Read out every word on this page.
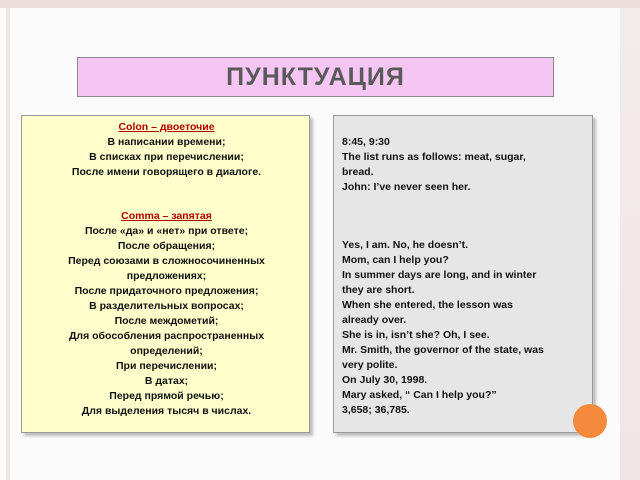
ПУНКТУАЦИЯ
Colon – двоеточие
В написании времени;
В списках при перечислении;
После имени говорящего в диалоге.
Comma – запятая
После «да» и «нет» при ответе;
После обращения;
Перед союзами в сложносочиненных
предложениях;
После придаточного предложения;
В разделительных вопросах;
После междометий;
Для обособления распространенных
определений;
При перечислении;
В датах;
Перед прямой речью;
Для выделения тысяч в числах.
8:45, 9:30
The list runs as follows: meat, sugar,
bread.
John: I’ve never seen her.
Yes, I am. No, he doesn’t.
Mom, can I help you?
In summer days are long, and in winter
they are short.
When she entered, the lesson was
already over.
She is in, isn’t she? Oh, I see.
Mr. Smith, the governor of the state, was
very polite.
On July 30, 1998.
Mary asked, “ Can I help you?”
3,658; 36,785.
